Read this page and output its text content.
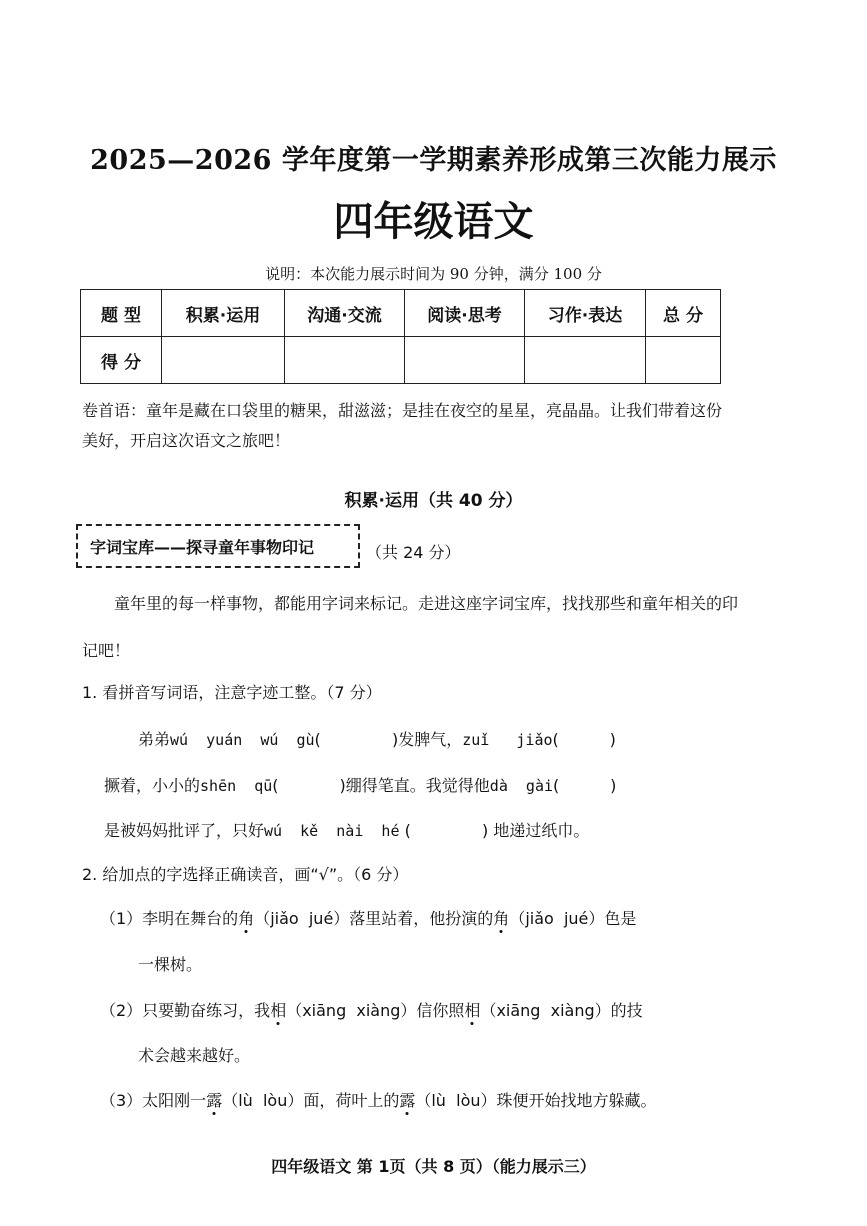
2025—2026 学年度第一学期素养形成第三次能力展示
四年级语文
说明：本次能力展示时间为 90 分钟，满分 100 分
题 型	积累·运用	沟通·交流	阅读·思考	习作·表达	总 分
得 分					
卷首语：童年是藏在口袋里的糖果，甜滋滋；是挂在夜空的星星，亮晶晶。让我们带着这份美好，开启这次语文之旅吧！
积累·运用（共 40 分）
字词宝库——探寻童年事物印记	（共 24 分）
童年里的每一样事物，都能用字词来标记。走进这座字词宝库，找找那些和童年相关的印记吧！
1. 看拼音写词语，注意字迹工整。（7 分）
弟弟wú  yuán  wú  gù(              )发脾气，zuǐ   jiǎo(          )
撅着，小小的shēn  qū(            )绷得笔直。我觉得他dà  gài(          )
是被妈妈批评了，只好wú  kě  nài  hé (              ) 地递过纸巾。
2. 给加点的字选择正确读音，画“√”。（6 分）
（1）李明在舞台的角（jiǎo  jué）落里站着，他扮演的角（jiǎo  jué）色是
一棵树。
（2）只要勤奋练习，我相（xiāng  xiàng）信你照相（xiāng  xiàng）的技
术会越来越好。
（3）太阳刚一露（lù  lòu）面，荷叶上的露（lù  lòu）珠便开始找地方躲藏。
四年级语文 第 1页（共 8 页）（能力展示三）
